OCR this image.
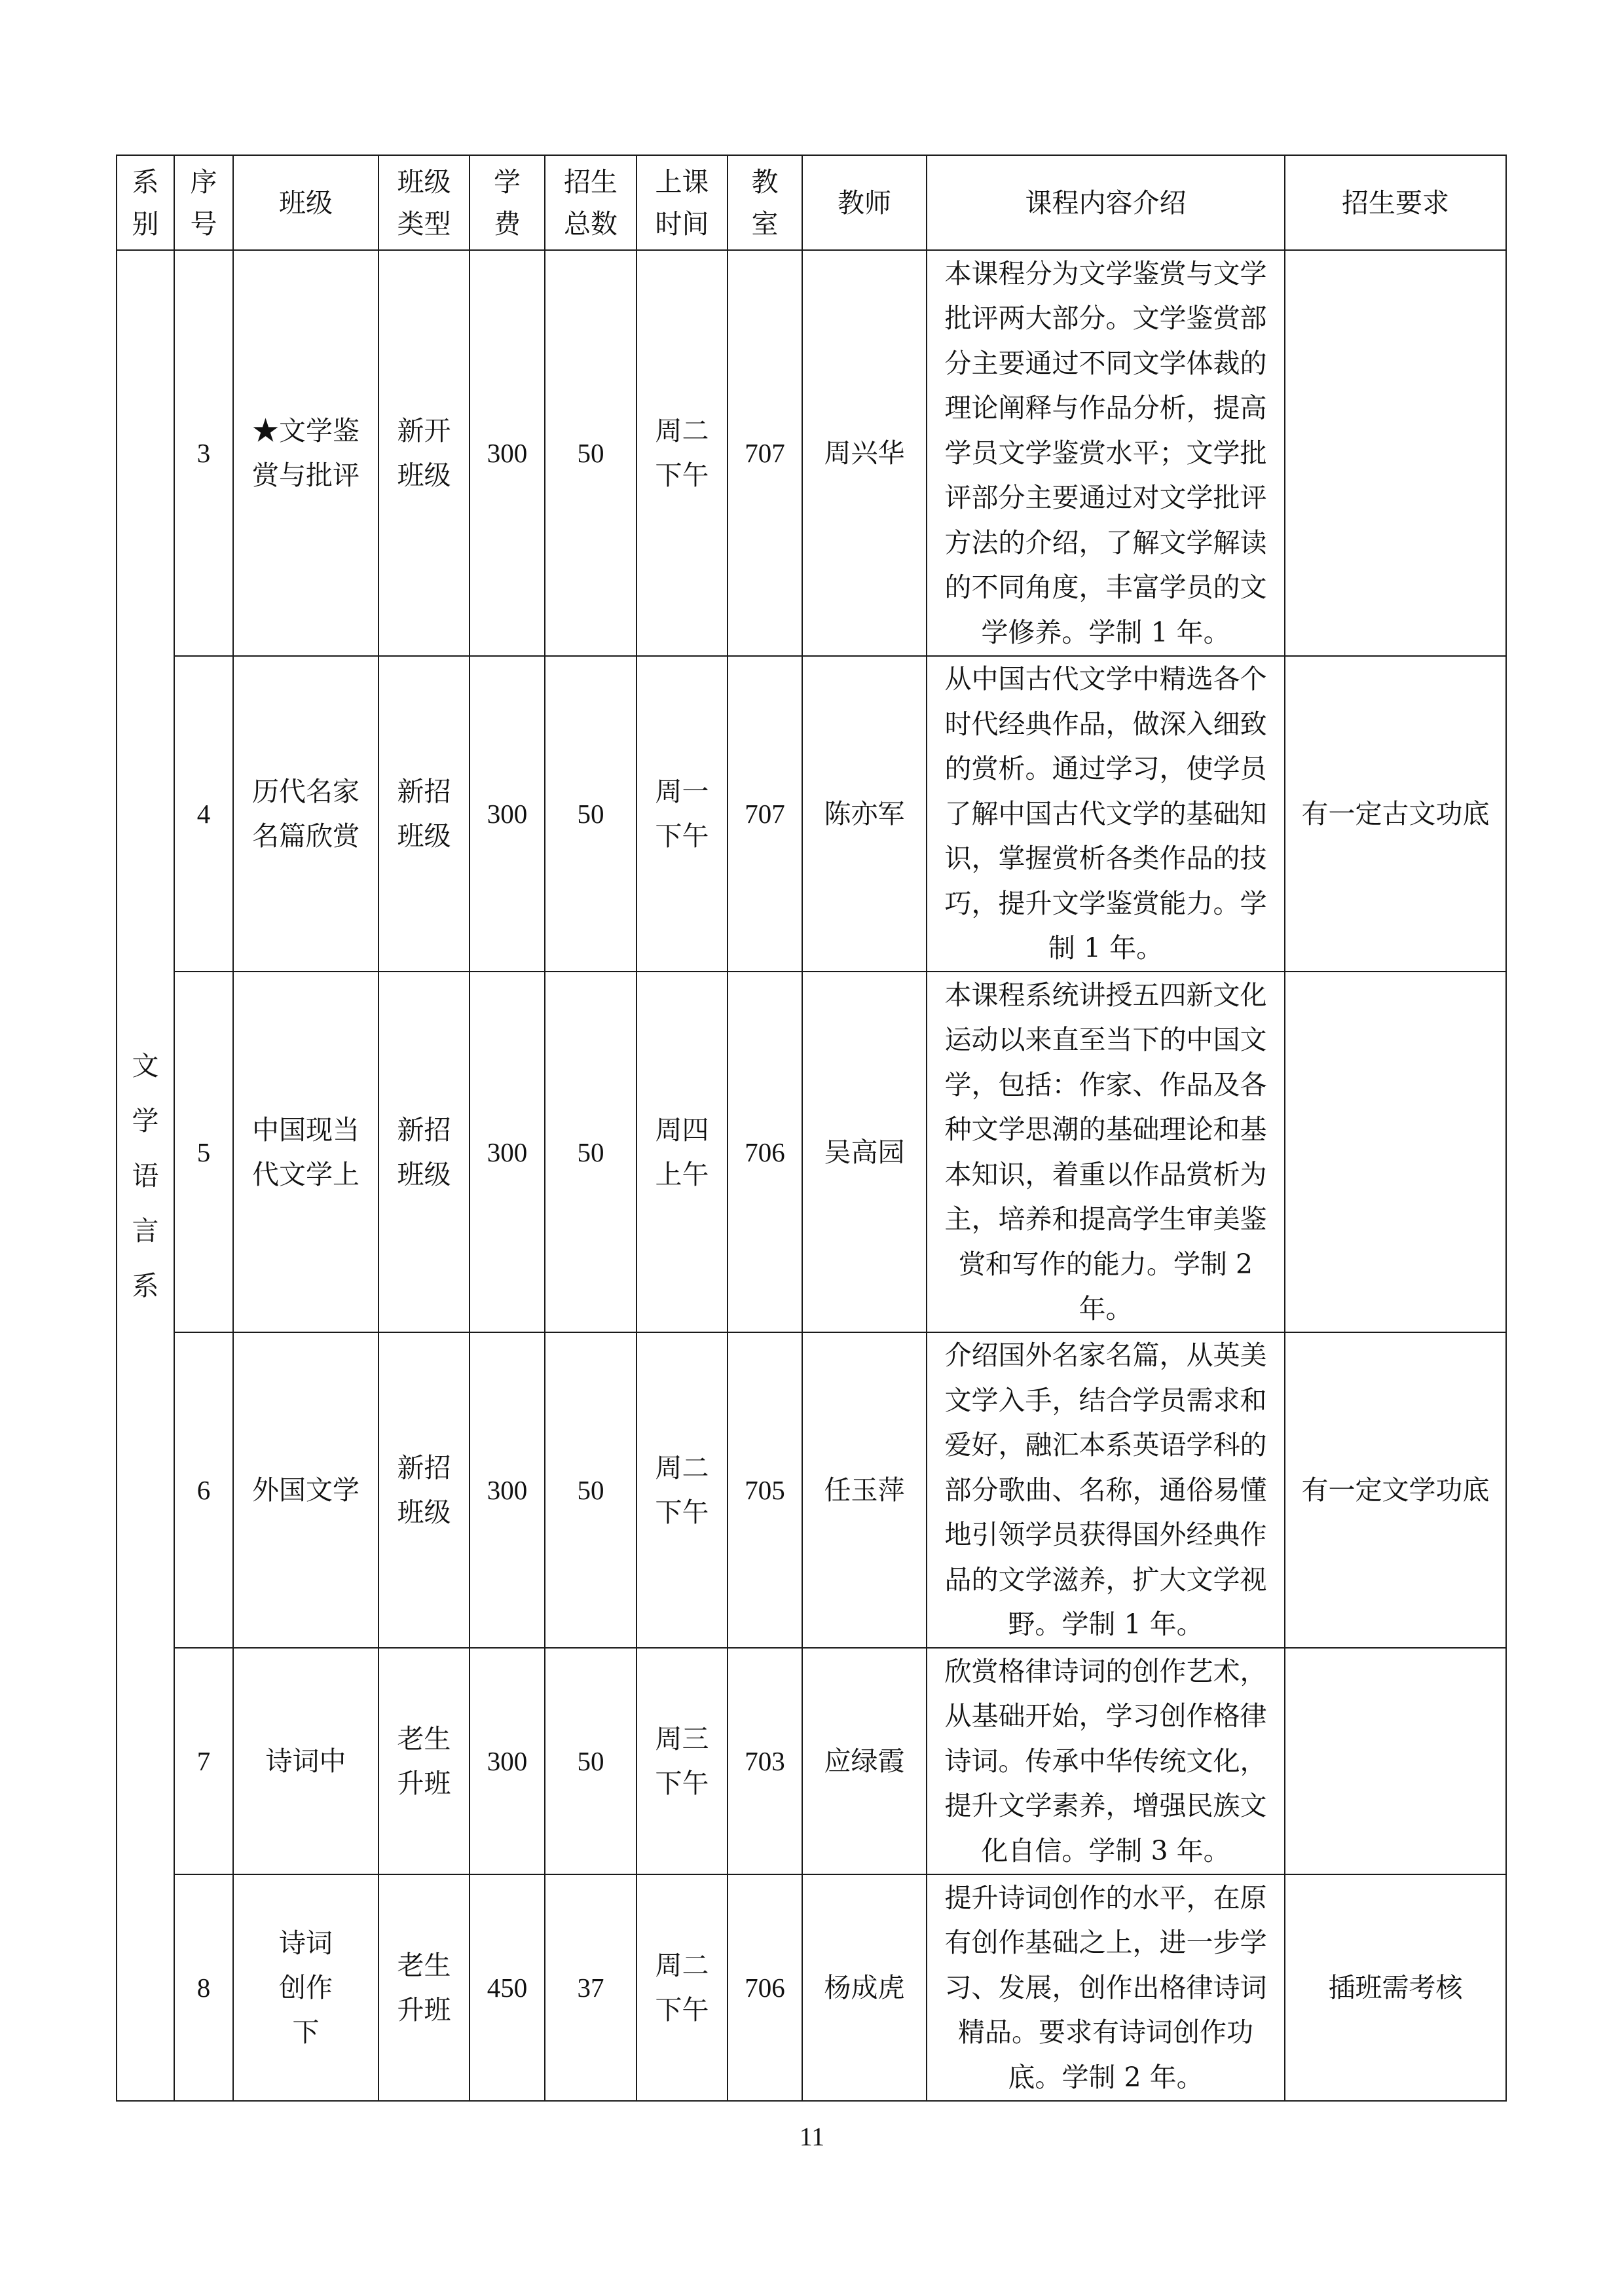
系别	序号	班级	班级类型	学费	招生总数	上课时间	教室	教师	课程内容介绍	招生要求

文学语言系	3	★文学鉴赏与批评	新开班级	300	50	周二下午	707	周兴华	本课程分为文学鉴赏与文学批评两大部分。文学鉴赏部分主要通过不同文学体裁的理论阐释与作品分析，提高学员文学鉴赏水平；文学批评部分主要通过对文学批评方法的介绍，了解文学解读的不同角度，丰富学员的文学修养。学制 1 年。	
	4	历代名家名篇欣赏	新招班级	300	50	周一下午	707	陈亦军	从中国古代文学中精选各个时代经典作品，做深入细致的赏析。通过学习，使学员了解中国古代文学的基础知识，掌握赏析各类作品的技巧，提升文学鉴赏能力。学制 1 年。	有一定古文功底
	5	中国现当代文学上	新招班级	300	50	周四上午	706	吴高园	本课程系统讲授五四新文化运动以来直至当下的中国文学，包括：作家、作品及各种文学思潮的基础理论和基本知识，着重以作品赏析为主，培养和提高学生审美鉴赏和写作的能力。学制 2 年。	
	6	外国文学	新招班级	300	50	周二下午	705	任玉萍	介绍国外名家名篇，从英美文学入手，结合学员需求和爱好，融汇本系英语学科的部分歌曲、名称，通俗易懂地引领学员获得国外经典作品的文学滋养，扩大文学视野。学制 1 年。	有一定文学功底
	7	诗词中	老生升班	300	50	周三下午	703	应绿霞	欣赏格律诗词的创作艺术，从基础开始，学习创作格律诗词。传承中华传统文化，提升文学素养，增强民族文化自信。学制 3 年。	
	8	诗词创作下	老生升班	450	37	周二下午	706	杨成虎	提升诗词创作的水平，在原有创作基础之上，进一步学习、发展，创作出格律诗词精品。要求有诗词创作功底。学制 2 年。	插班需考核
11
